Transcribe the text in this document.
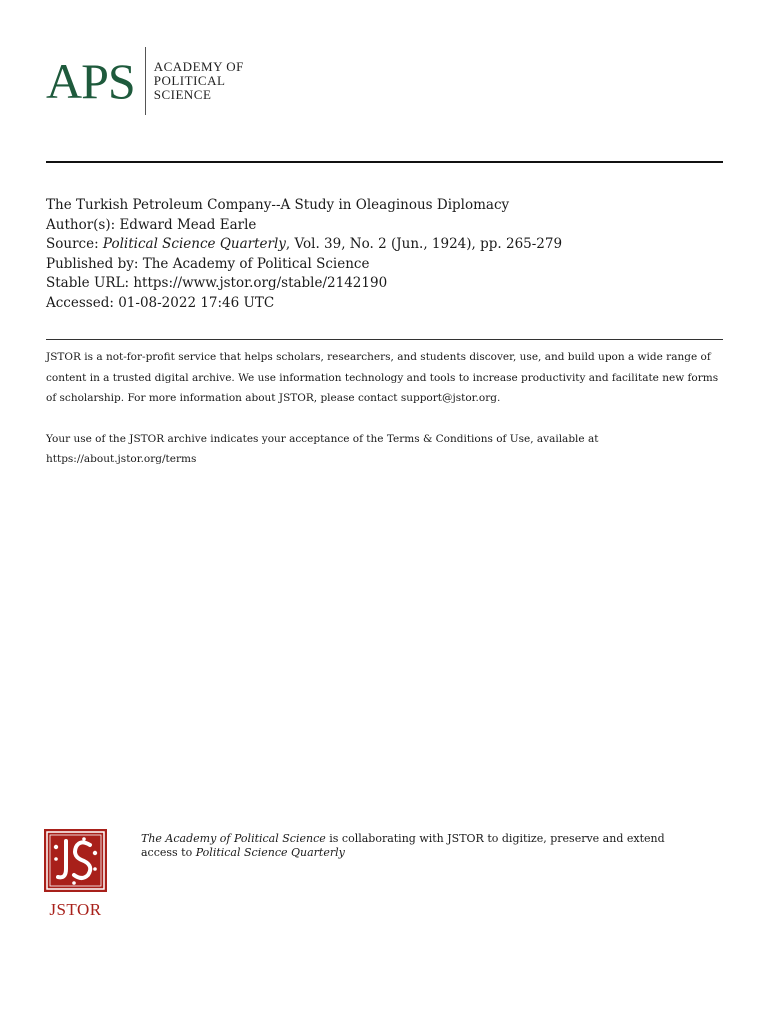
APS	ACADEMY OF
POLITICAL
SCIENCE
The Turkish Petroleum Company--A Study in Oleaginous Diplomacy
Author(s): Edward Mead Earle
Source: Political Science Quarterly, Vol. 39, No. 2 (Jun., 1924), pp. 265-279
Published by: The Academy of Political Science
Stable URL: https://www.jstor.org/stable/2142190
Accessed: 01-08-2022 17:46 UTC

JSTOR is a not-for-profit service that helps scholars, researchers, and students discover, use, and build upon a wide range of content in a trusted digital archive. We use information technology and tools to increase productivity and facilitate new forms of scholarship. For more information about JSTOR, please contact support@jstor.org.

Your use of the JSTOR archive indicates your acceptance of the Terms & Conditions of Use, available at https://about.jstor.org/terms

JSTOR
The Academy of Political Science is collaborating with JSTOR to digitize, preserve and extend access to Political Science Quarterly
